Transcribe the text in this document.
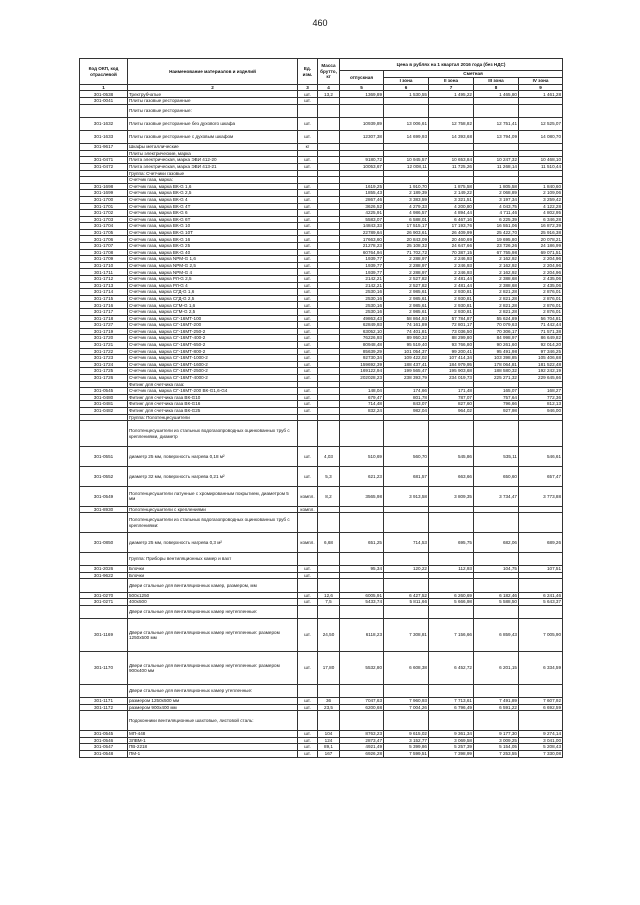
460
Код ОКП, код отраслевой	Наименование материалов и изделий	Ед. изм.	Масса брутто, кг	Цена в рублях на 1 квартал 2016 года (без НДС)				
				отпускная	Сметная			
					I зона	II зона	III зона	IV зона
1	2	3	4	5	6	7	8	9
301-0538	Трехтрубчатые	шт.	13,2	1369,89	1 530,55	1 495,22	1 465,80	1 461,28
301-0041	Плиты газовые ресторанные	шт.						
	Плиты газовые ресторанные:							
301-1632	Плиты газовые ресторанные без духового шкафа	шт.		10939,89	13 006,61	12 758,82	12 751,41	12 525,07
301-1633	Плиты газовые ресторанные с духовым шкафом	шт.		12307,38	14 699,93	14 393,68	13 794,09	14 080,70
301-9617	Шкафы металлические	кг						
	Плиты электрические, марка							
301-0471	Плита электрическая, марка ЭВИ 412-20	шт.		9180,72	10 945,57	10 653,84	10 247,32	10 468,10
301-0472	Плита электрическая, марка ЭВИ 413-21	шт.		10053,67	12 008,11	11 725,26	11 268,14	11 510,44
	Группа: Счетчики газовые							
	Счетчик газа, марка:							
301-1698	Счетчик газа, марка ВК-G 1,6	шт.		1619,25	1 910,70	1 875,58	1 805,58	1 840,60
301-1699	Счетчик газа, марка ВК-G 2,5	шт.		1855,43	2 189,39	2 149,22	2 068,89	2 109,06
301-1700	Счетчик газа, марка ВК-G 4	шт.		2867,46	3 383,59	3 321,51	3 197,34	3 259,42
301-1701	Счетчик газа, марка ВК-G 4T	шт.		3626,52	4 279,33	4 200,80	4 043,75	4 122,28
301-1702	Счетчик газа, марка ВК-G 6	шт.		4225,91	4 986,57	4 894,44	4 711,46	4 802,95
301-1703	Счетчик газа, марка ВК-G 6T	шт.		5583,07	6 588,01	6 467,16	6 225,39	6 346,28
301-1704	Счетчик газа, марка ВК-G 10	шт.		14843,33	17 515,17	17 193,76	16 551,06	16 872,39
301-1705	Счетчик газа, марка ВК-G 10T	шт.		22789,64	26 903,61	26 409,99	25 422,70	25 916,38
301-1706	Счетчик газа, марка ВК-G 16	шт.		17663,60	20 843,09	20 460,69	19 695,80	20 078,21
301-1707	Счетчик газа, марка ВК-G 25	шт.		21278,23	25 108,32	24 647,66	23 726,26	24 186,99
301-1708	Счетчик газа, марка ВК-G 40	шт.		60764,94	71 702,72	70 387,15	67 755,98	69 071,51
301-1709	Счетчик газа, марка NPM-G 1,6	шт.		1939,77	2 288,97	2 246,93	2 162,92	2 204,96
301-1710	Счетчик газа, марка NPM-G 2,5	шт.		1939,77	2 288,97	2 246,93	2 162,92	2 204,96
301-1711	Счетчик газа, марка NPM-G 4	шт.		1939,77	2 288,97	2 246,93	2 162,92	2 204,96
301-1712	Счетчик газа, марка РЛ-G 2,5	шт.		2142,21	2 527,82	2 481,44	2 388,68	2 435,06
301-1713	Счетчик газа, марка РЛ-G 4	шт.		2142,21	2 527,82	2 481,44	2 388,68	2 435,06
301-1714	Счетчик газа, марка СГД-G 1,6	шт.		2530,16	2 985,61	2 930,81	2 821,28	2 876,01
301-1715	Счетчик газа, марка СГД-G 2,5	шт.		2530,16	2 985,61	2 930,81	2 821,28	2 876,01
301-1716	Счетчик газа, марка СГМ-G 1,6	шт.		2530,16	2 985,61	2 930,81	2 821,28	2 876,01
301-1717	Счетчик газа, марка СГМ-G 2,5	шт.		2530,16	2 985,61	2 930,81	2 821,28	2 876,01
301-1718	Счетчик газа, марка СГ-16МТ-100	шт.		49863,43	58 864,93	57 784,87	55 624,89	56 704,81
301-1727	Счетчик газа, марка СГ-16МТ-200	шт.		62849,93	74 161,89	72 801,17	70 079,63	71 442,44
301-1719	Счетчик газа, марка СГ-16МТ-250-2	шт.		63052,10	74 401,81	73 036,50	70 306,17	71 571,38
301-1720	Счетчик газа, марка СГ-16МТ-400-2	шт.		76226,93	89 950,32	88 299,80	84 998,97	86 649,82
301-1721	Счетчик газа, марка СГ-16МТ-650-2	шт.		80948,48	95 519,40	93 766,80	90 261,60	92 014,20
301-1722	Счетчик газа, марка СГ-16МТ-800-2	шт.		85639,29	101 054,37	99 200,41	95 491,98	97 346,25
301-1723	Счетчик газа, марка СГ-16МТ-1000-2	шт.		92730,34	109 422,02	107 414,34	103 398,85	105 406,68
301-1724	Счетчик газа, марка СГ-16МТ-1600-2	шт.		159692,39	188 437,41	184 979,95	178 064,81	181 522,48
301-1725	Счетчик газа, марка СГ-16МТ-2500-2	шт.		169122,94	199 565,47	195 903,68	188 580,32	192 242,19
301-1726	Счетчик газа, марка СГ-16МТ-4000-2	шт.		202028,23	238 393,79	234 019,73	225 271,32	229 645,66
	Фитинг для счетчика газа:							
301-0545	Счетчик газа, марка СГ-16МТ-200 ВК-G1,6-G4	шт.		148,04	174,66	171,48	165,07	168,27
301-0480	Фитинг для счетчика газа ВК-G10	шт.		679,47	801,78	787,07	757,64	772,36
301-0481	Фитинг для счетчика газа ВК-G16	шт.		714,48	843,07	827,60	796,66	812,13
301-0482	Фитинг для счетчика газа ВК-G25	шт.		832,24	982,04	964,02	927,98	946,00
	Группа: Полотенцесушители							
	Полотенцесушители из стальных водогазопроводных оцинкованных труб с креплениями, диаметр							
301-0551	диаметр 25 мм, поверхность нагрева 0,18 м²	шт.	4,03	510,69	560,70	545,86	535,11	546,61
301-0552	диаметр 32 мм, поверхность нагрева 0,21 м²	шт.	5,3	621,23	681,57	663,66	650,60	657,47
301-0549	Полотенцесушители латунные с хромированным покрытием, диаметром 5 мм	компл.	8,2	3565,98	3 913,58	3 809,35	3 734,47	3 773,88
301-8930	Полотенцесушители с креплениями	компл.						
	Полотенцесушители из стальных водогазопроводных оцинкованных труб с креплениями:							
301-0850	диаметр 25 мм, поверхность нагрева 0,3 м²	компл.	6,68	651,25	714,53	695,75	682,06	689,26
	Группа: Приборы вентиляционных камер и вахт							
301-2026	Блочки	шт.		95,34	120,22	112,93	104,75	107,51
301-9622	Блочки	шт.						
	Двери стальные для вентиляционных камер, размером, мм							
301-0270	500х1250	шт.	12,6	6005,91	6 427,52	6 260,69	6 182,46	6 241,46
301-0271	400х500	шт.	7,5	5433,74	5 811,66	5 666,98	5 588,50	5 643,37
	Двери стальные для вентиляционных камер неутепленные:							
301-1169	Двери стальные для вентиляционных камер неутепленные: размером 1250х500 мм	шт.	24,50	6118,23	7 308,81	7 156,66	6 859,43	7 005,90
301-1170	Двери стальные для вентиляционных камер неутепленные: размером 900х400 мм	шт.	17,80	5532,80	6 608,38	6 452,72	6 201,15	6 334,59
	Двери стальные для вентиляционных камер утепленные:							
301-1171	размером 1250х500 мм	шт.	36	7047,63	7 960,93	7 713,61	7 491,89	7 607,92
301-1172	размером 900х400 мм	шт.	23,5	6200,68	7 004,26	6 796,49	6 591,22	6 692,59
	Подоконники вентиляционные шахтовые, листовой сталь:							
301-0545	МП-448	шт.	104	8763,23	9 615,02	9 361,34	9 177,30	9 274,14
301-0546	ЗЛВМ-1	шт.	124	2873,47	3 152,77	3 069,58	3 009,25	3 041,00
301-0547	ПВ-2218	шт.	89,1	4921,49	5 399,86	5 257,39	5 154,05	5 208,43
301-0548	ПМ-1	шт.	167	6926,28	7 599,51	7 398,99	7 253,55	7 330,08
